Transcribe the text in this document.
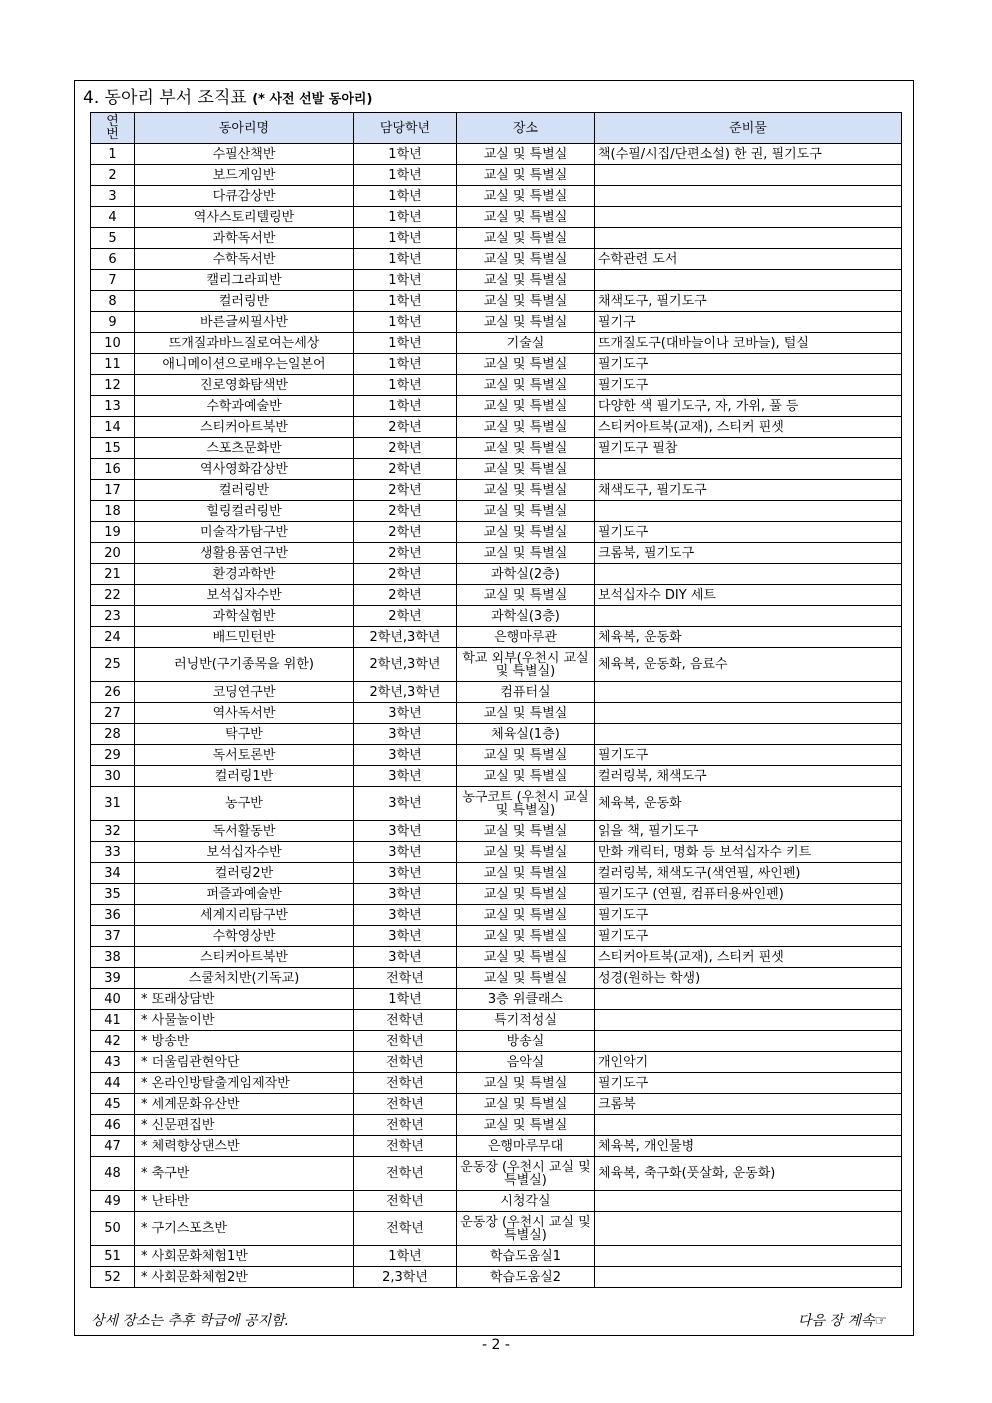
4. 동아리 부서 조직표 (* 사전 선발 동아리)
연번	동아리명	담당학년	장소	준비물
1	수필산책반	1학년	교실 및 특별실	책(수필/시집/단편소설) 한 권, 필기도구
2	보드게임반	1학년	교실 및 특별실	
3	다큐감상반	1학년	교실 및 특별실	
4	역사스토리텔링반	1학년	교실 및 특별실	
5	과학독서반	1학년	교실 및 특별실	
6	수학독서반	1학년	교실 및 특별실	수학관련 도서
7	캘리그라피반	1학년	교실 및 특별실	
8	컬러링반	1학년	교실 및 특별실	채색도구, 필기도구
9	바른글씨필사반	1학년	교실 및 특별실	필기구
10	뜨개질과바느질로여는세상	1학년	기술실	뜨개질도구(대바늘이나 코바늘), 털실
11	애니메이션으로배우는일본어	1학년	교실 및 특별실	필기도구
12	진로영화탐색반	1학년	교실 및 특별실	필기도구
13	수학과예술반	1학년	교실 및 특별실	다양한 색 필기도구, 자, 가위, 풀 등
14	스티커아트북반	2학년	교실 및 특별실	스티커아트북(교재), 스티커 핀셋
15	스포츠문화반	2학년	교실 및 특별실	필기도구 필참
16	역사영화감상반	2학년	교실 및 특별실	
17	컬러링반	2학년	교실 및 특별실	채색도구, 필기도구
18	힐링컬러링반	2학년	교실 및 특별실	
19	미술작가탐구반	2학년	교실 및 특별실	필기도구
20	생활용품연구반	2학년	교실 및 특별실	크롬북, 필기도구
21	환경과학반	2학년	과학실(2층)	
22	보석십자수반	2학년	교실 및 특별실	보석십자수 DIY 세트
23	과학실험반	2학년	과학실(3층)	
24	배드민턴반	2학년,3학년	은행마루관	체육복, 운동화
25	러닝반(구기종목을 위한)	2학년,3학년	학교 외부(우천시 교실 및 특별실)	체육복, 운동화, 음료수
26	코딩연구반	2학년,3학년	컴퓨터실	
27	역사독서반	3학년	교실 및 특별실	
28	탁구반	3학년	체육실(1층)	
29	독서토론반	3학년	교실 및 특별실	필기도구
30	컬러링1반	3학년	교실 및 특별실	컬러링북, 채색도구
31	농구반	3학년	농구코트 (우천시 교실 및 특별실)	체육복, 운동화
32	독서활동반	3학년	교실 및 특별실	읽을 책, 필기도구
33	보석십자수반	3학년	교실 및 특별실	만화 캐릭터, 명화 등 보석십자수 키트
34	컬러링2반	3학년	교실 및 특별실	컬러링북, 채색도구(색연필, 싸인펜)
35	퍼즐과예술반	3학년	교실 및 특별실	필기도구 (연필, 컴퓨터용싸인펜)
36	세계지리탐구반	3학년	교실 및 특별실	필기도구
37	수학영상반	3학년	교실 및 특별실	필기도구
38	스티커아트북반	3학년	교실 및 특별실	스티커아트북(교재), 스티커 핀셋
39	스쿨처치반(기독교)	전학년	교실 및 특별실	성경(원하는 학생)
40	* 또래상담반	1학년	3층 위클래스	
41	* 사물놀이반	전학년	특기적성실	
42	* 방송반	전학년	방송실	
43	* 더울림관현악단	전학년	음악실	개인악기
44	* 온라인방탈출게임제작반	전학년	교실 및 특별실	필기도구
45	* 세계문화유산반	전학년	교실 및 특별실	크롬북
46	* 신문편집반	전학년	교실 및 특별실	
47	* 체력향상댄스반	전학년	은행마루무대	체육복, 개인물병
48	* 축구반	전학년	운동장 (우천시 교실 및 특별실)	체육복, 축구화(풋살화, 운동화)
49	* 난타반	전학년	시청각실	
50	* 구기스포츠반	전학년	운동장 (우천시 교실 및 특별실)	
51	* 사회문화체험1반	1학년	학습도움실1	
52	* 사회문화체험2반	2,3학년	학습도움실2	
상세 장소는 추후 학급에 공지함.	다음 장 계속☞
- 2 -
